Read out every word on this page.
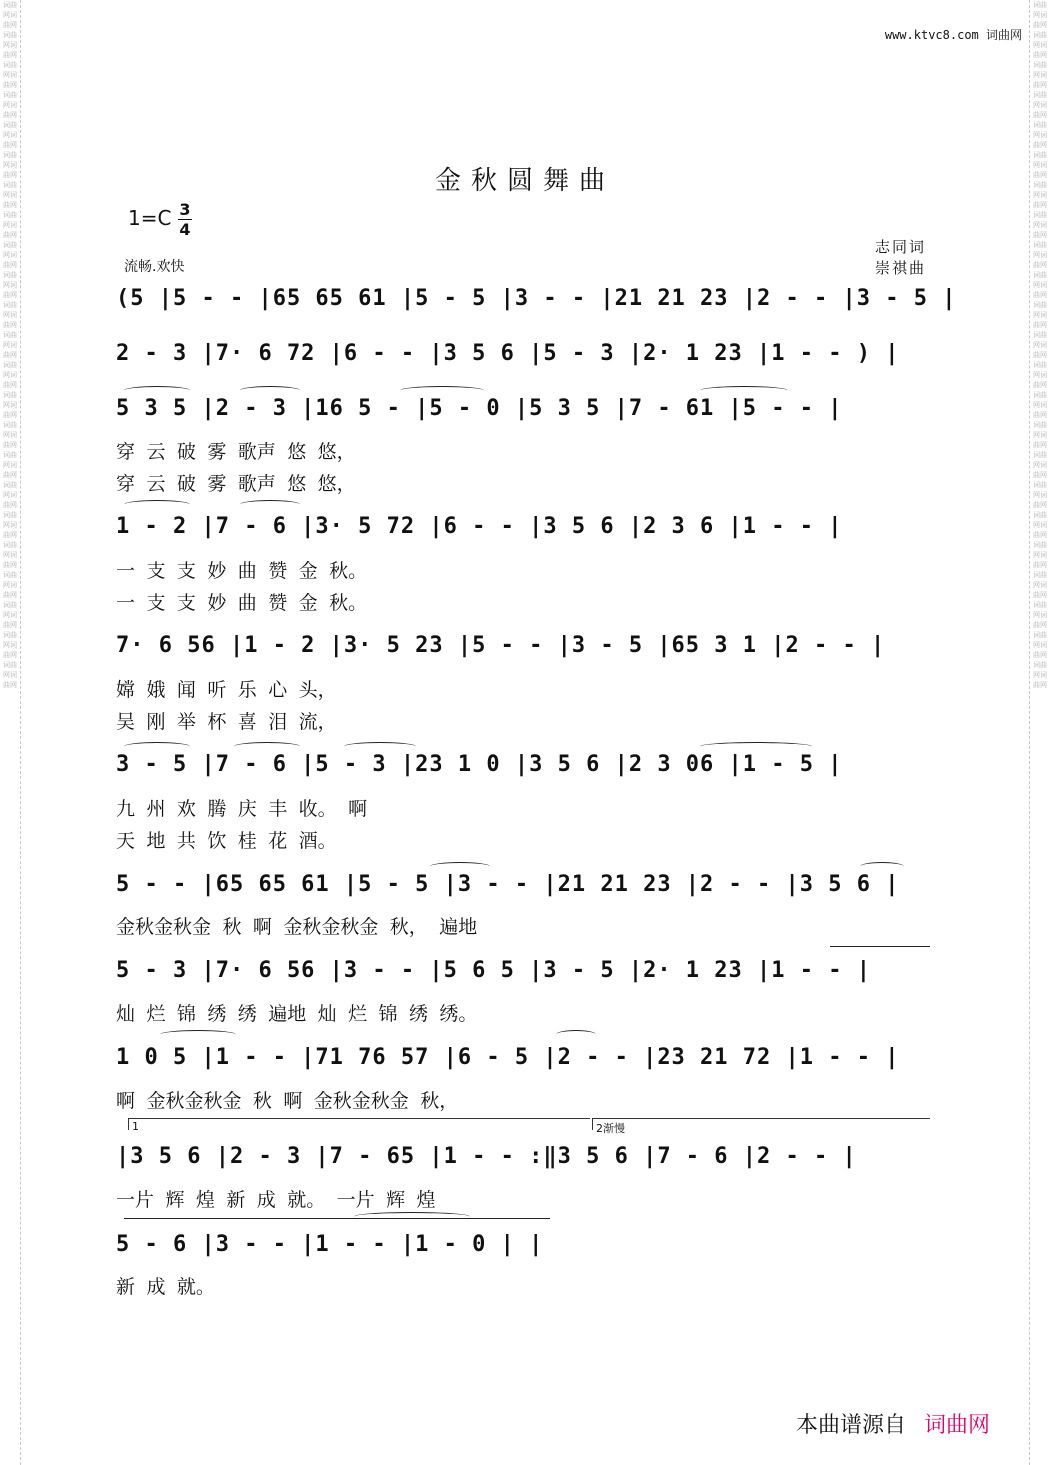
词曲网词曲网词曲网词曲网词曲网词曲网词曲网词曲网词曲网词曲网词曲网词曲网词曲网词曲网词曲网词曲网词曲网词曲网词曲网词曲网词曲网词曲网词曲网词曲网词曲网词曲网词曲网词曲网词曲网词曲网词曲网词曲网词曲网词曲网词曲网词曲网词曲网词曲网词曲网词曲网词曲网词曲网词曲网词曲网词曲网词曲网
词曲网词曲网词曲网词曲网词曲网词曲网词曲网词曲网词曲网词曲网词曲网词曲网词曲网词曲网词曲网词曲网词曲网词曲网词曲网词曲网词曲网词曲网词曲网词曲网词曲网词曲网词曲网词曲网词曲网词曲网词曲网词曲网词曲网词曲网词曲网词曲网词曲网词曲网词曲网词曲网词曲网词曲网词曲网词曲网词曲网词曲网
www.ktvc8.com 词曲网
金秋圆舞曲
1=C 3
4
流畅.欢快
志同词
崇祺曲
(5 |5 - - |65 65 61 |5 - 5 |3 - - |21 21 23 |2 - - |3 - 5 |
2 - 3 |7· 6 72 |6 - - |3 5 6 |5 - 3 |2· 1 23 |1 - - ) |
5 3 5 |2 - 3 |16 5 - |5 - 0 |5 3 5 |7 - 61 |5 - - |
穿 云 破 雾 歌声 悠 悠，
穿 云 破 雾 歌声 悠 悠，
1 - 2 |7 - 6 |3· 5 72 |6 - - |3 5 6 |2 3 6 |1 - - |
一 支 支 妙 曲 赞 金 秋。
一 支 支 妙 曲 赞 金 秋。
7· 6 56 |1 - 2 |3· 5 23 |5 - - |3 - 5 |65 3 1 |2 - - |
嫦 娥 闻 听 乐 心 头，
吴 刚 举 杯 喜 泪 流，
3 - 5 |7 - 6 |5 - 3 |23 1 0 |3 5 6 |2 3 06 |1 - 5 |
九 州 欢 腾 庆 丰 收。 啊
天 地 共 饮 桂 花 酒。
5 - - |65 65 61 |5 - 5 |3 - - |21 21 23 |2 - - |3 5 6 |
金秋金秋金 秋 啊 金秋金秋金 秋， 遍地
5 - 3 |7· 6 56 |3 - - |5 6 5 |3 - 5 |2· 1 23 |1 - - |
灿 烂 锦 绣 绣 遍地 灿 烂 锦 绣 绣。
1 0 5 |1 - - |71 76 57 |6 - 5 |2 - - |23 21 72 |1 - - |
啊 金秋金秋金 秋 啊 金秋金秋金 秋，
1	2渐慢
|3 5 6 |2 - 3 |7 - 65 |1 - - :‖3 5 6 |7 - 6 |2 - - |
一片 辉 煌 新 成 就。 一片 辉 煌
5 - 6 |3 - - |1 - - |1 - 0 | |
新 成 就。
本曲谱源自 词曲网
